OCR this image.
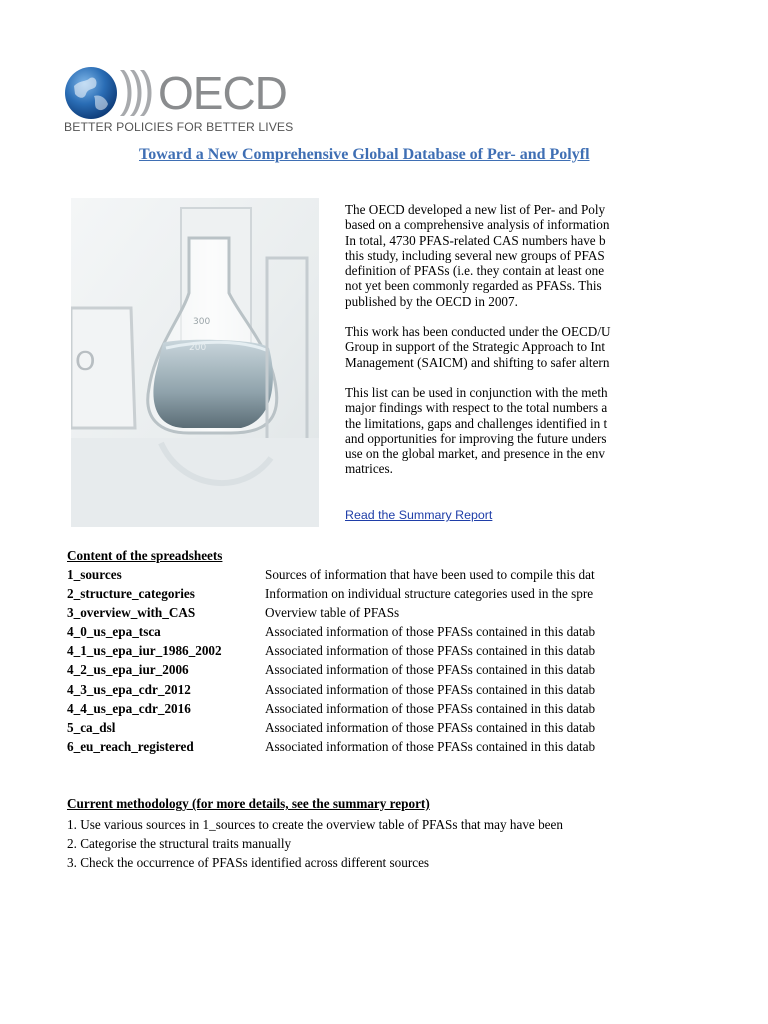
OECD
BETTER POLICIES FOR BETTER LIVES
Toward a New Comprehensive Global Database of Per- and Polyfl
O
300
200
The OECD developed a new list of Per- and Poly
based on a comprehensive analysis of information
In total, 4730 PFAS-related CAS numbers have b
this study, including several new groups of PFAS
definition of PFASs (i.e. they contain at least one
not yet been commonly regarded as PFASs. This
published by the OECD in 2007.
This work has been conducted under the OECD/U
Group in support of the Strategic Approach to Int
Management (SAICM) and shifting to safer altern
This list can be used in conjunction with the meth
major findings with respect to the total numbers a
the limitations, gaps and challenges identified in t
and opportunities for improving the future unders
use on the global market, and presence in the env
matrices.
Read the Summary Report
Content of the spreadsheets
1_sources	Sources of information that have been used to compile this dat
2_structure_categories	Information on individual structure categories used in the spre
3_overview_with_CAS	Overview table of PFASs
4_0_us_epa_tsca	Associated information of those PFASs contained in this datab
4_1_us_epa_iur_1986_2002	Associated information of those PFASs contained in this datab
4_2_us_epa_iur_2006	Associated information of those PFASs contained in this datab
4_3_us_epa_cdr_2012	Associated information of those PFASs contained in this datab
4_4_us_epa_cdr_2016	Associated information of those PFASs contained in this datab
5_ca_dsl	Associated information of those PFASs contained in this datab
6_eu_reach_registered	Associated information of those PFASs contained in this datab
Current methodology (for more details, see the summary report)
1. Use various sources in 1_sources to create the overview table of PFASs that may have been
2. Categorise the structural traits manually
3. Check the occurrence of PFASs identified across different sources
